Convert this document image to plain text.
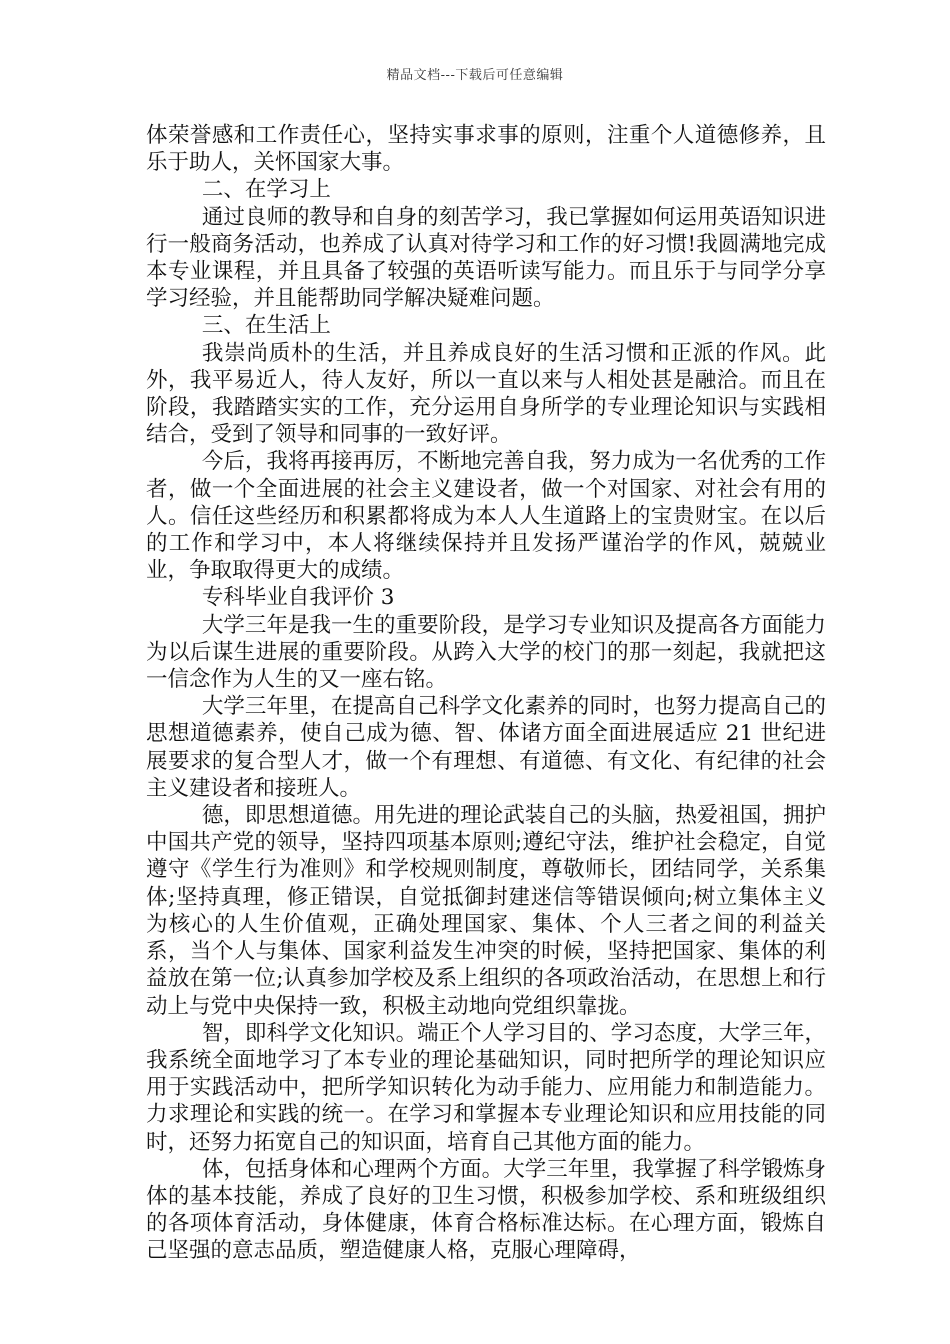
精品文档---下载后可任意编辑

体荣誉感和工作责任心，坚持实事求事的原则，注重个人道德修养，且乐于助人，关怀国家大事。

二、在学习上

通过良师的教导和自身的刻苦学习，我已掌握如何运用英语知识进行一般商务活动，也养成了认真对待学习和工作的好习惯!我圆满地完成本专业课程，并且具备了较强的英语听读写能力。而且乐于与同学分享学习经验，并且能帮助同学解决疑难问题。

三、在生活上

我崇尚质朴的生活，并且养成良好的生活习惯和正派的作风。此外，我平易近人，待人友好，所以一直以来与人相处甚是融洽。而且在阶段，我踏踏实实的工作，充分运用自身所学的专业理论知识与实践相结合，受到了领导和同事的一致好评。

今后，我将再接再厉，不断地完善自我，努力成为一名优秀的工作者，做一个全面进展的社会主义建设者，做一个对国家、对社会有用的人。信任这些经历和积累都将成为本人人生道路上的宝贵财宝。在以后的工作和学习中，本人将继续保持并且发扬严谨治学的作风，兢兢业业，争取取得更大的成绩。

专科毕业自我评价 3

大学三年是我一生的重要阶段，是学习专业知识及提高各方面能力为以后谋生进展的重要阶段。从跨入大学的校门的那一刻起，我就把这一信念作为人生的又一座右铭。

大学三年里，在提高自己科学文化素养的同时，也努力提高自己的思想道德素养，使自己成为德、智、体诸方面全面进展适应 21 世纪进展要求的复合型人才，做一个有理想、有道德、有文化、有纪律的社会主义建设者和接班人。

德，即思想道德。用先进的理论武装自己的头脑，热爱祖国，拥护中国共产党的领导，坚持四项基本原则;遵纪守法，维护社会稳定，自觉遵守《学生行为准则》和学校规则制度，尊敬师长，团结同学，关系集体;坚持真理，修正错误，自觉抵御封建迷信等错误倾向;树立集体主义为核心的人生价值观，正确处理国家、集体、个人三者之间的利益关系，当个人与集体、国家利益发生冲突的时候，坚持把国家、集体的利益放在第一位;认真参加学校及系上组织的各项政治活动，在思想上和行动上与党中央保持一致，积极主动地向党组织靠拢。

智，即科学文化知识。端正个人学习目的、学习态度，大学三年，我系统全面地学习了本专业的理论基础知识，同时把所学的理论知识应用于实践活动中，把所学知识转化为动手能力、应用能力和制造能力。力求理论和实践的统一。在学习和掌握本专业理论知识和应用技能的同时，还努力拓宽自己的知识面，培育自己其他方面的能力。

体，包括身体和心理两个方面。大学三年里，我掌握了科学锻炼身体的基本技能，养成了良好的卫生习惯，积极参加学校、系和班级组织的各项体育活动，身体健康，体育合格标准达标。在心理方面，锻炼自己坚强的意志品质，塑造健康人格，克服心理障碍，
